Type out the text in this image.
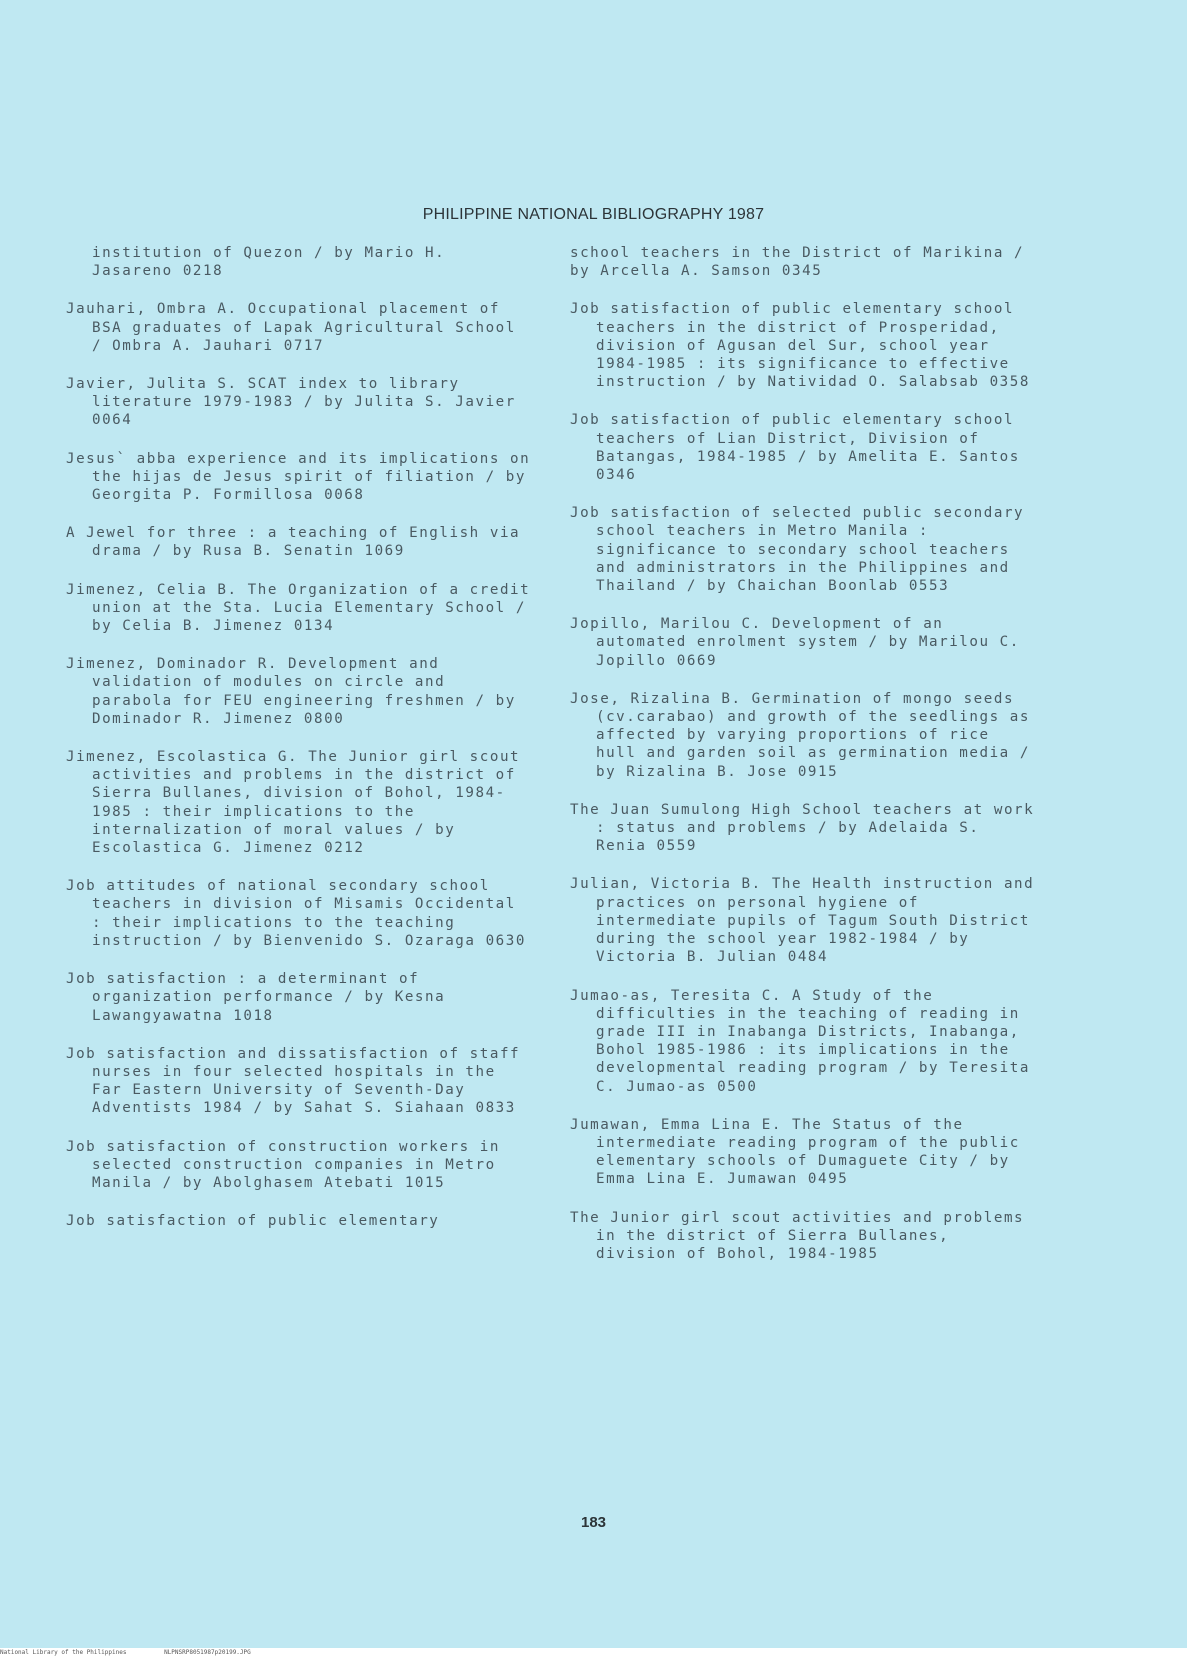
PHILIPPINE NATIONAL BIBLIOGRAPHY 1987
institution of Quezon / by Mario H. Jasareno 0218
Jauhari, Ombra A. Occupational placement of BSA graduates of Lapak Agricultural School / Ombra A. Jauhari 0717
Javier, Julita S. SCAT index to library literature 1979-1983 / by Julita S. Javier 0064
Jesus` abba experience and its implications on the hijas de Jesus spirit of filiation / by Georgita P. Formillosa 0068
A Jewel for three : a teaching of English via drama / by Rusa B. Senatin 1069
Jimenez, Celia B. The Organization of a credit union at the Sta. Lucia Elementary School / by Celia B. Jimenez 0134
Jimenez, Dominador R. Development and validation of modules on circle and parabola for FEU engineering freshmen / by Dominador R. Jimenez 0800
Jimenez, Escolastica G. The Junior girl scout activities and problems in the district of Sierra Bullanes, division of Bohol, 1984-1985 : their implications to the internalization of moral values / by Escolastica G. Jimenez 0212
Job attitudes of national secondary school teachers in division of Misamis Occidental : their implications to the teaching instruction / by Bienvenido S. Ozaraga 0630
Job satisfaction : a determinant of organization performance / by Kesna Lawangyawatna 1018
Job satisfaction and dissatisfaction of staff nurses in four selected hospitals in the Far Eastern University of Seventh-Day Adventists 1984 / by Sahat S. Siahaan 0833
Job satisfaction of construction workers in selected construction companies in Metro Manila / by Abolghasem Atebati 1015
Job satisfaction of public elementary
school teachers in the District of Marikina / by Arcella A. Samson 0345
Job satisfaction of public elementary school teachers in the district of Prosperidad, division of Agusan del Sur, school year 1984-1985 : its significance to effective instruction / by Natividad O. Salabsab 0358
Job satisfaction of public elementary school teachers of Lian District, Division of Batangas, 1984-1985 / by Amelita E. Santos 0346
Job satisfaction of selected public secondary school teachers in Metro Manila : significance to secondary school teachers and administrators in the Philippines and Thailand / by Chaichan Boonlab 0553
Jopillo, Marilou C. Development of an automated enrolment system / by Marilou C. Jopillo 0669
Jose, Rizalina B. Germination of mongo seeds (cv.carabao) and growth of the seedlings as affected by varying proportions of rice hull and garden soil as germination media / by Rizalina B. Jose 0915
The Juan Sumulong High School teachers at work : status and problems / by Adelaida S. Renia 0559
Julian, Victoria B. The Health instruction and practices on personal hygiene of intermediate pupils of Tagum South District during the school year 1982-1984 / by Victoria B. Julian 0484
Jumao-as, Teresita C. A Study of the difficulties in the teaching of reading in grade III in Inabanga Districts, Inabanga, Bohol 1985-1986 : its implications in the developmental reading program / by Teresita C. Jumao-as 0500
Jumawan, Emma Lina E. The Status of the intermediate reading program of the public elementary schools of Dumaguete City / by Emma Lina E. Jumawan 0495
The Junior girl scout activities and problems in the district of Sierra Bullanes, division of Bohol, 1984-1985
183
National Library of the Philippines	NLPNSRP8051987p20199.JPG
